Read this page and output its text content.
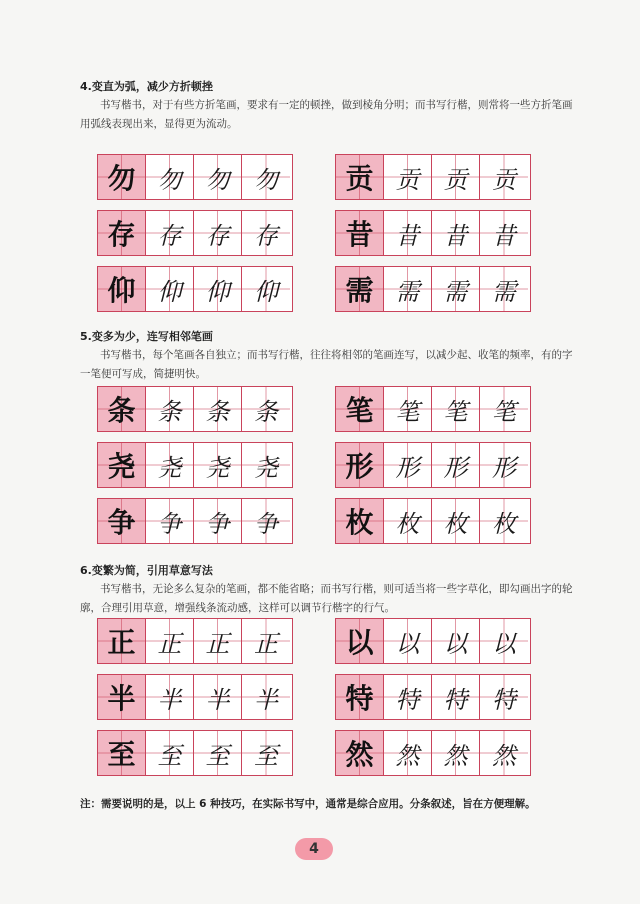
4.变直为弧，减少方折顿挫
书写楷书，对于有些方折笔画，要求有一定的顿挫，做到棱角分明；而书写行楷，则常将一些方折笔画用弧线表现出来，显得更为流动。
勿 勿	勿	勿	贡 贡	贡	贡
存 存	存	存	昔 昔	昔	昔
仰 仰	仰	仰	需 需	需	需
5.变多为少，连写相邻笔画
书写楷书，每个笔画各自独立；而书写行楷，往往将相邻的笔画连写，以减少起、收笔的频率，有的字一笔便可写成，简捷明快。
条 条	条	条	笔 笔	笔	笔
尧 尧	尧	尧	形 形	形	形
争 争	争	争	枚 枚	枚	枚
6.变繁为简，引用草意写法
书写楷书，无论多么复杂的笔画，都不能省略；而书写行楷，则可适当将一些字草化，即勾画出字的轮廓，合理引用草意，增强线条流动感，这样可以调节行楷字的行气。
正 正	正	正	以 以	以	以
半 半	半	半	特 特	特	特
至 至	至	至	然 然	然	然
注：需要说明的是，以上 6 种技巧，在实际书写中，通常是综合应用。分条叙述，旨在方便理解。
4
